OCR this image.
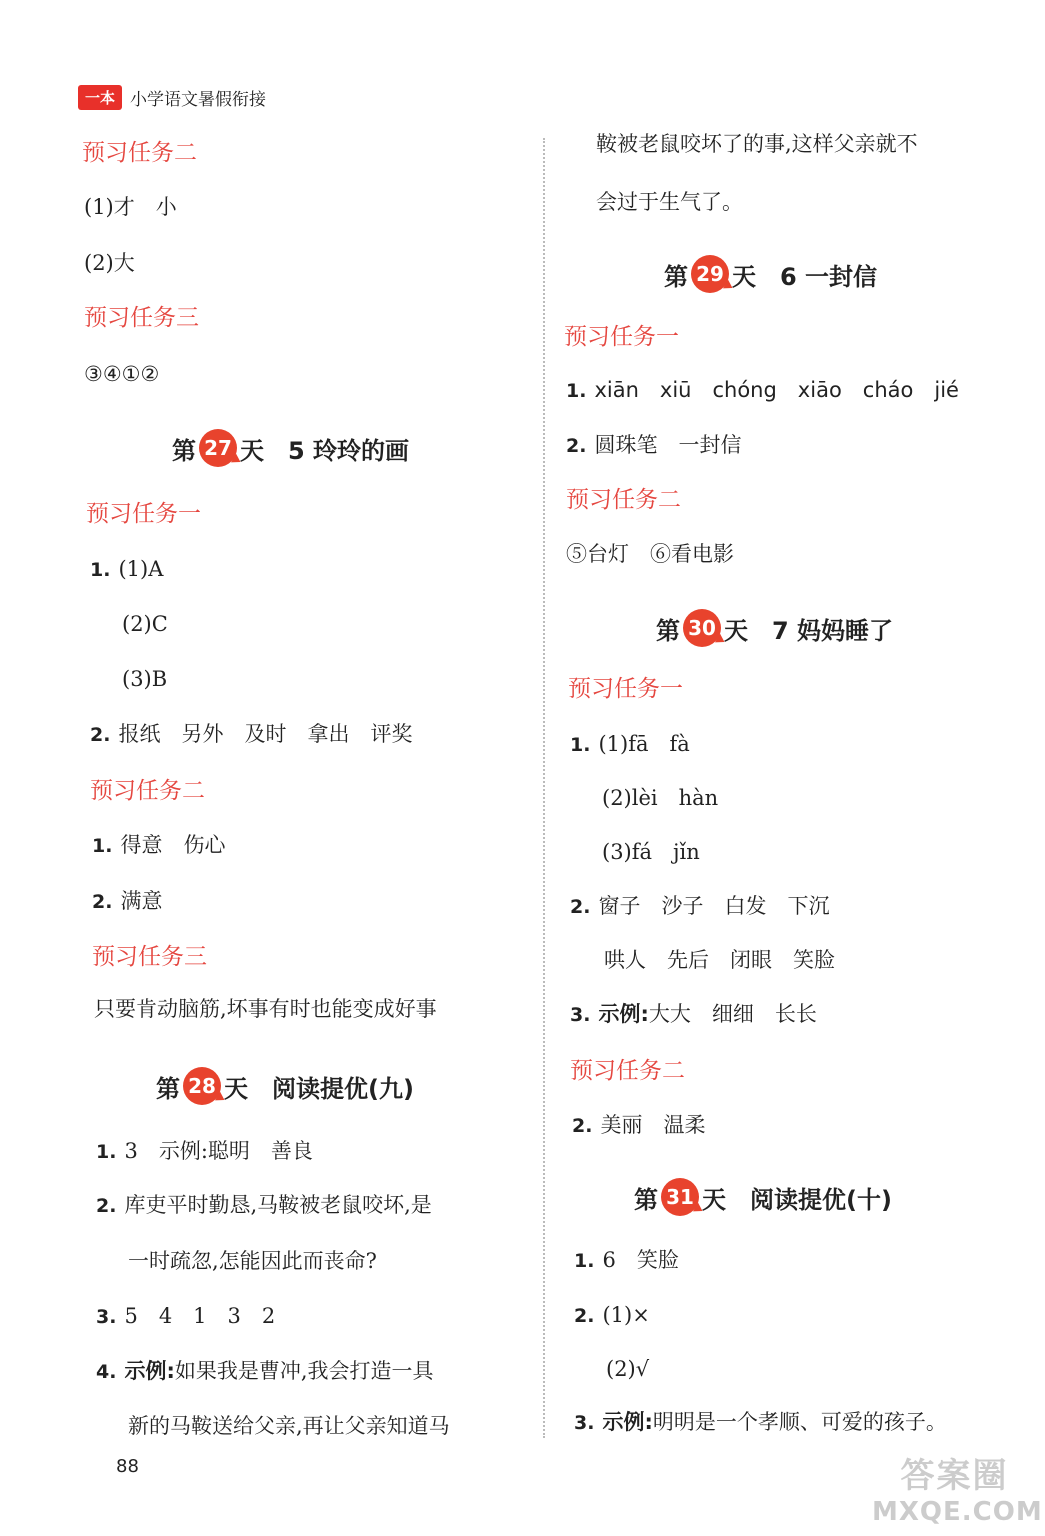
一本 小学语文暑假衔接
预习任务二
(1)才　小
(2)大
预习任务三
③④①②
第 27 天　5 玲玲的画
预习任务一
1. (1)A
(2)C
(3)B
2. 报纸　另外　及时　拿出　评奖
预习任务二
1. 得意　伤心
2. 满意
预习任务三
只要肯动脑筋,坏事有时也能变成好事
第 28 天　阅读提优(九)
1. 3　示例:聪明　善良
2. 库吏平时勤恳,马鞍被老鼠咬坏,是
一时疏忽,怎能因此而丧命?
3. 5　4　1　3　2
4. 示例:如果我是曹冲,我会打造一具
新的马鞍送给父亲,再让父亲知道马
鞍被老鼠咬坏了的事,这样父亲就不
会过于生气了。
第 29 天　6 一封信
预习任务一
1. xiān　xiū　chóng　xiāo　cháo　jié
2. 圆珠笔　一封信
预习任务二
⑤台灯　⑥看电影
第 30 天　7 妈妈睡了
预习任务一
1. (1)fā　fà
(2)lèi　hàn
(3)fá　jǐn
2. 窗子　沙子　白发　下沉
哄人　先后　闭眼　笑脸
3. 示例:大大　细细　长长
预习任务二
2. 美丽　温柔
第 31 天　阅读提优(十)
1. 6　笑脸
2. (1)×
(2)√
3. 示例:明明是一个孝顺、可爱的孩子。
88	答案圈
MXQE.COM
